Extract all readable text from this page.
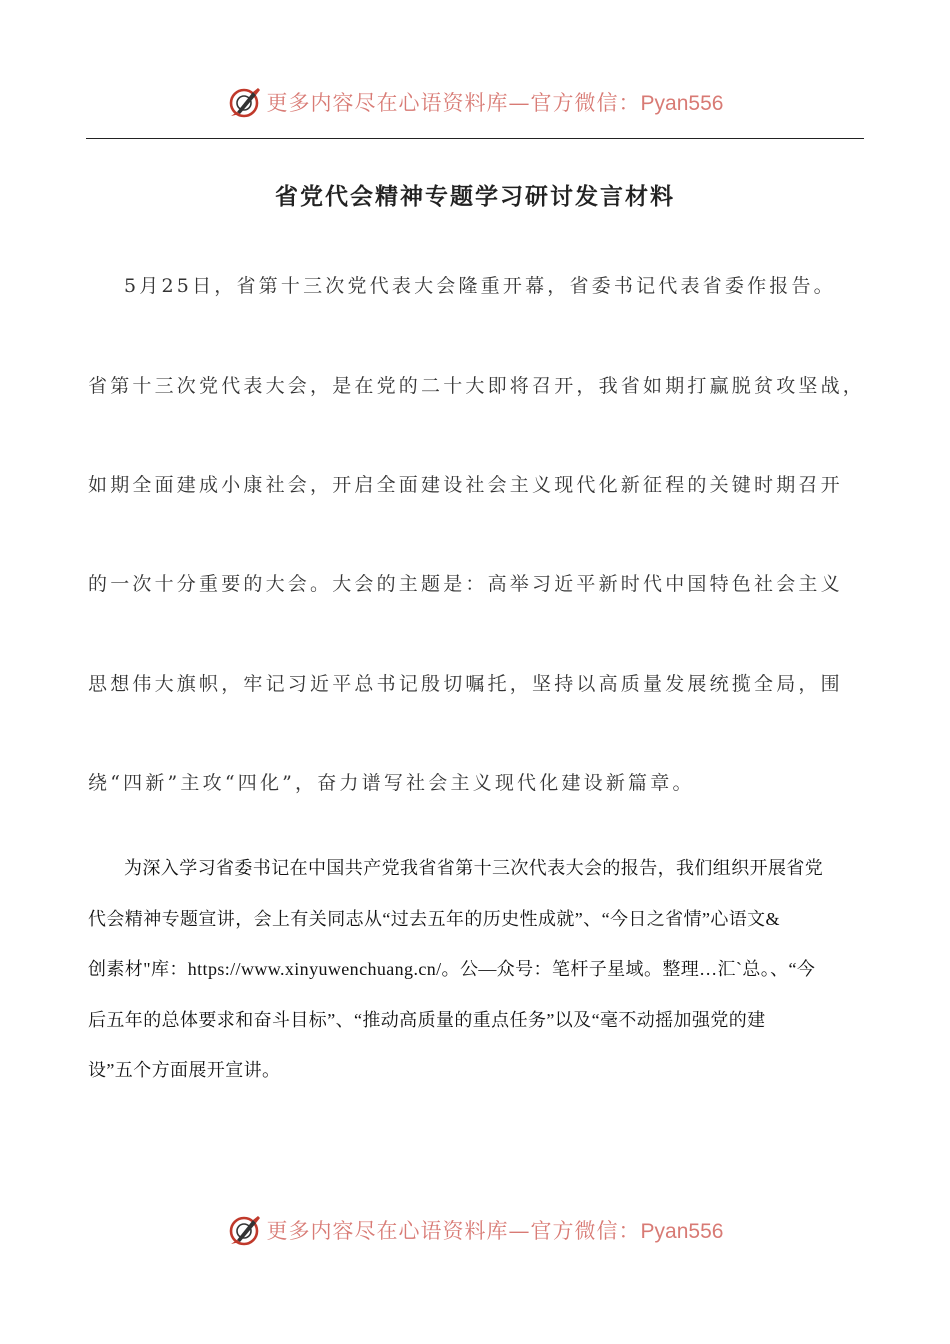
更多内容尽在心语资料库—官方微信：Pyan556
省党代会精神专题学习研讨发言材料

5月25日，省第十三次党代表大会隆重开幕，省委书记代表省委作报告。

省第十三次党代表大会，是在党的二十大即将召开，我省如期打赢脱贫攻坚战，

如期全面建成小康社会，开启全面建设社会主义现代化新征程的关键时期召开

的一次十分重要的大会。大会的主题是：高举习近平新时代中国特色社会主义

思想伟大旗帜，牢记习近平总书记殷切嘱托，坚持以高质量发展统揽全局，围

绕“四新”主攻“四化”，奋力谱写社会主义现代化建设新篇章。

为深入学习省委书记在中国共产党我省省第十三次代表大会的报告，我们组织开展省党
代会精神专题宣讲，会上有关同志从“过去五年的历史性成就”、“今日之省情”心语文&
创素材"库：https://www.xinyuwenchuang.cn/。公—众号：笔杆子星域。整理…汇`总。、“今
后五年的总体要求和奋斗目标”、“推动高质量的重点任务”以及“毫不动摇加强党的建
设”五个方面展开宣讲。

更多内容尽在心语资料库—官方微信：Pyan556
